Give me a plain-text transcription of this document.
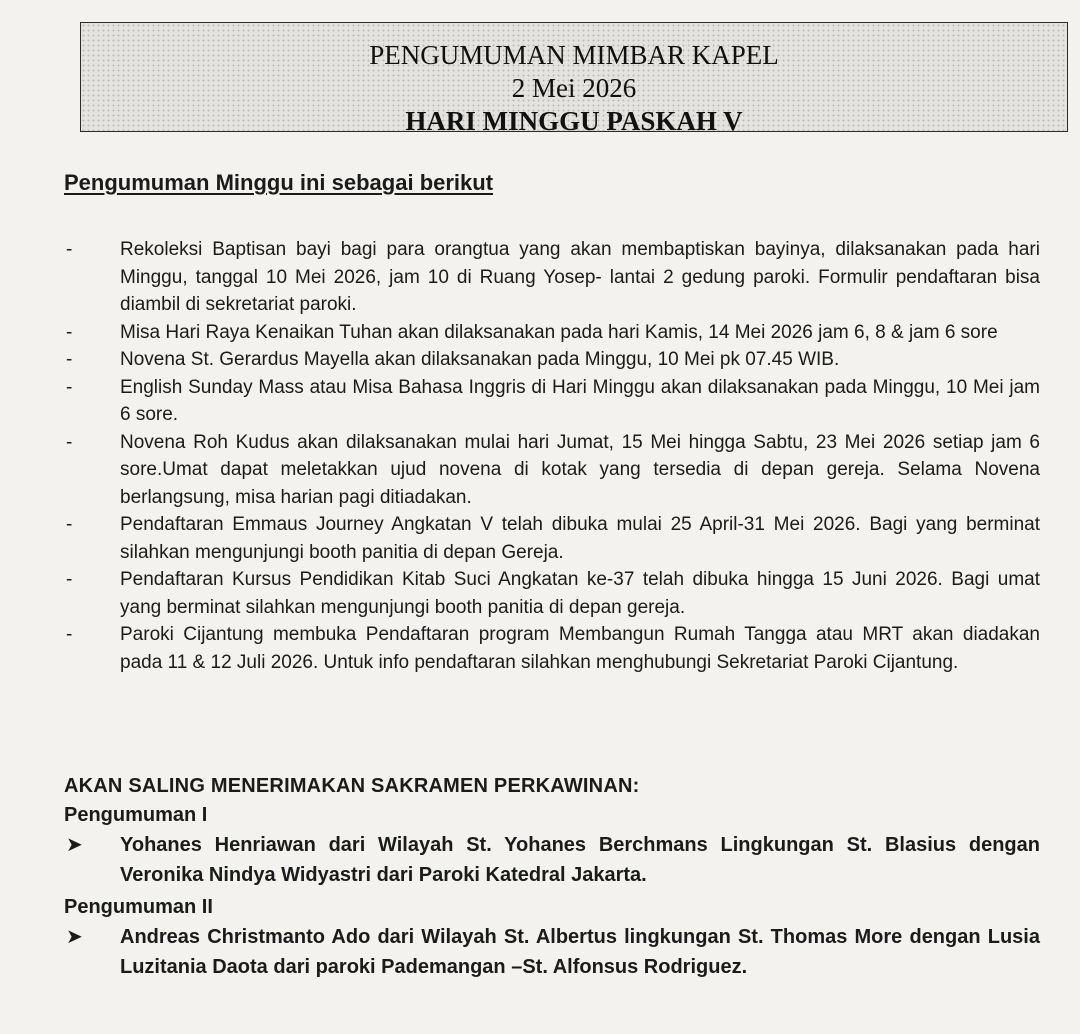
PENGUMUMAN MIMBAR KAPEL
2 Mei 2026
HARI MINGGU PASKAH V
Pengumuman Minggu ini sebagai berikut
-	Rekoleksi Baptisan bayi bagi para orangtua yang akan membaptiskan bayinya, dilaksanakan pada hari Minggu, tanggal 10 Mei 2026, jam 10 di Ruang Yosep- lantai 2 gedung paroki. Formulir pendaftaran bisa diambil di sekretariat paroki.
-	Misa Hari Raya Kenaikan Tuhan akan dilaksanakan pada hari Kamis, 14 Mei 2026 jam 6, 8 & jam 6 sore
-	Novena St. Gerardus Mayella akan dilaksanakan pada Minggu, 10 Mei pk 07.45 WIB.
-	English Sunday Mass atau Misa Bahasa Inggris di Hari Minggu akan dilaksanakan pada Minggu, 10 Mei jam 6 sore.
-	Novena Roh Kudus akan dilaksanakan mulai hari Jumat, 15 Mei hingga Sabtu, 23 Mei 2026 setiap jam 6 sore.Umat dapat meletakkan ujud novena di kotak yang tersedia di depan gereja. Selama Novena berlangsung, misa harian pagi ditiadakan.
-	Pendaftaran Emmaus Journey Angkatan V telah dibuka mulai 25 April-31 Mei 2026. Bagi yang berminat silahkan mengunjungi booth panitia di depan Gereja.
-	Pendaftaran Kursus Pendidikan Kitab Suci Angkatan ke-37 telah dibuka hingga 15 Juni 2026. Bagi umat yang berminat silahkan mengunjungi booth panitia di depan gereja.
-	Paroki Cijantung membuka Pendaftaran program Membangun Rumah Tangga atau MRT akan diadakan pada 11 & 12 Juli 2026. Untuk info pendaftaran silahkan menghubungi Sekretariat Paroki Cijantung.
AKAN SALING MENERIMAKAN SAKRAMEN PERKAWINAN:
Pengumuman I
➤ Yohanes Henriawan dari Wilayah St. Yohanes Berchmans Lingkungan St. Blasius dengan Veronika Nindya Widyastri dari Paroki Katedral Jakarta.
Pengumuman II
➤ Andreas Christmanto Ado dari Wilayah St. Albertus lingkungan St. Thomas More dengan Lusia Luzitania Daota dari paroki Pademangan –St. Alfonsus Rodriguez.
